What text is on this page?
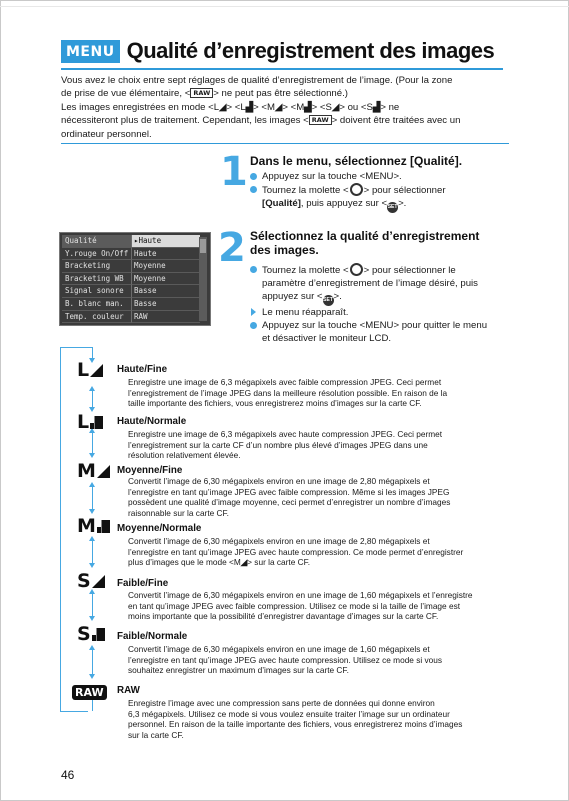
MENU Qualité d’enregistrement des images
Vous avez le choix entre sept réglages de qualité d’enregistrement de l’image. (Pour la zone
de prise de vue élémentaire, < RAW > ne peut pas être sélectionné.)
Les images enregistrées en mode <L◢> <L▟> <M◢> <M▟> <S◢> ou <S▟> ne
nécessiteront plus de traitement. Cependant, les images < RAW > doivent être traitées avec un
ordinateur personnel.
1 Dans le menu, sélectionnez [Qualité].
Appuyez sur la touche <MENU>.
Tournez la molette < > pour sélectionner
[Qualité], puis appuyez sur <SET>.
Qualité	▸Haute
Y.rouge On/Off Haute
Bracketing	Moyenne
Bracketing WB	Moyenne
Signal sonore	Basse
B. blanc man.	Basse
Temp. couleur	RAW
2 Sélectionnez la qualité d’enregistrement
des images.
Tournez la molette < > pour sélectionner le
paramètre d’enregistrement de l’image désiré, puis
appuyez sur <SET>.
Le menu réapparaît.
Appuyez sur la touche <MENU> pour quitter le menu
et désactiver le moniteur LCD.
L	Haute/Fine
Enregistre une image de 6,3 mégapixels avec faible compression JPEG. Ceci permet
l’enregistrement de l’image JPEG dans la meilleure résolution possible. En raison de la
taille importante des fichiers, vous enregistrerez moins d’images sur la carte CF.
L	Haute/Normale
Enregistre une image de 6,3 mégapixels avec haute compression JPEG. Ceci permet
l’enregistrement sur la carte CF d’un nombre plus élevé d’images JPEG dans une
résolution relativement élevée.
M Moyenne/Fine
Convertit l’image de 6,30 mégapixels environ en une image de 2,80 mégapixels et
l’enregistre en tant qu’image JPEG avec faible compression. Même si les images JPEG
possèdent une qualité d’image moyenne, ceci permet d’enregistrer un nombre d’images
raisonnable sur la carte CF.
M Moyenne/Normale
Convertit l’image de 6,30 mégapixels environ en une image de 2,80 mégapixels et
l’enregistre en tant qu’image JPEG avec haute compression. Ce mode permet d’enregistrer
plus d’images que le mode <M◢> sur la carte CF.
S	Faible/Fine
Convertit l’image de 6,30 mégapixels environ en une image de 1,60 mégapixels et l’enregistre
en tant qu’image JPEG avec faible compression. Utilisez ce mode si la taille de l’image est
moins importante que la possibilité d’enregistrer davantage d’images sur la carte CF.
S	Faible/Normale
Convertit l’image de 6,30 mégapixels environ en une image de 1,60 mégapixels et
l’enregistre en tant qu’image JPEG avec haute compression. Utilisez ce mode si vous
souhaitez enregistrer un maximum d’images sur la carte CF.
RAW	RAW
Enregistre l’image avec une compression sans perte de données qui donne environ
6,3 mégapixels. Utilisez ce mode si vous voulez ensuite traiter l’image sur un ordinateur
personnel. En raison de la taille importante des fichiers, vous enregistrerez moins d’images
sur la carte CF.
46
